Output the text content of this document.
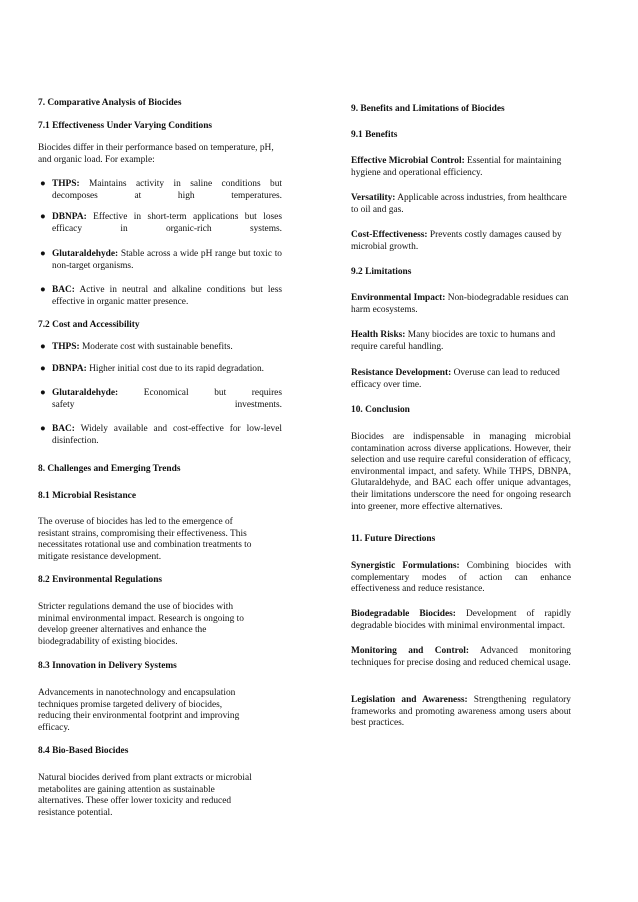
7. Comparative Analysis of Biocides
7.1 Effectiveness Under Varying Conditions
Biocides differ in their performance based on temperature, pH, and organic load. For example:
● THPS: Maintains activity in saline conditions but decomposes at high temperatures.
● DBNPA: Effective in short-term applications but loses efficacy in organic-rich systems.
● Glutaraldehyde: Stable across a wide pH range but toxic to non-target organisms.
● BAC: Active in neutral and alkaline conditions but less effective in organic matter presence.
7.2 Cost and Accessibility
● THPS: Moderate cost with sustainable benefits.
● DBNPA: Higher initial cost due to its rapid degradation.
● Glutaraldehyde: Economical but requires safety investments.
● BAC: Widely available and cost-effective for low-level disinfection.
8. Challenges and Emerging Trends
8.1 Microbial Resistance
The overuse of biocides has led to the emergence of resistant strains, compromising their effectiveness. This necessitates rotational use and combination treatments to mitigate resistance development.
8.2 Environmental Regulations
Stricter regulations demand the use of biocides with minimal environmental impact. Research is ongoing to develop greener alternatives and enhance the biodegradability of existing biocides.
8.3 Innovation in Delivery Systems
Advancements in nanotechnology and encapsulation techniques promise targeted delivery of biocides, reducing their environmental footprint and improving efficacy.
8.4 Bio-Based Biocides
Natural biocides derived from plant extracts or microbial metabolites are gaining attention as sustainable alternatives. These offer lower toxicity and reduced resistance potential.
9. Benefits and Limitations of Biocides
9.1 Benefits
Effective Microbial Control: Essential for maintaining hygiene and operational efficiency.
Versatility: Applicable across industries, from healthcare to oil and gas.
Cost-Effectiveness: Prevents costly damages caused by microbial growth.
9.2 Limitations
Environmental Impact: Non-biodegradable residues can harm ecosystems.
Health Risks: Many biocides are toxic to humans and require careful handling.
Resistance Development: Overuse can lead to reduced efficacy over time.
10. Conclusion
Biocides are indispensable in managing microbial contamination across diverse applications. However, their selection and use require careful consideration of efficacy, environmental impact, and safety. While THPS, DBNPA, Glutaraldehyde, and BAC each offer unique advantages, their limitations underscore the need for ongoing research into greener, more effective alternatives.
11. Future Directions
Synergistic Formulations: Combining biocides with complementary modes of action can enhance effectiveness and reduce resistance.
Biodegradable Biocides: Development of rapidly degradable biocides with minimal environmental impact.
Monitoring and Control: Advanced monitoring techniques for precise dosing and reduced chemical usage.
Legislation and Awareness: Strengthening regulatory frameworks and promoting awareness among users about best practices.
